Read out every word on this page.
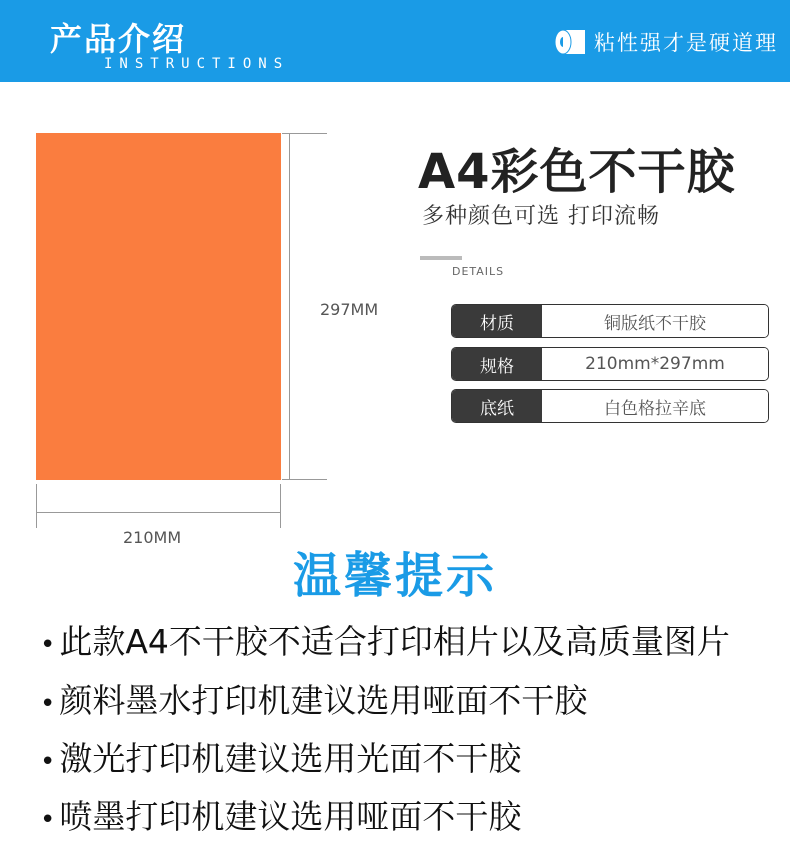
产品介绍
INSTRUCTIONS
粘性强才是硬道理
297MM
210MM
A4彩色不干胶
多种颜色可选 打印流畅
DETAILS
材质	铜版纸不干胶
规格	210mm*297mm
底纸	白色格拉辛底
温馨提示
• 此款A4不干胶不适合打印相片以及高质量图片
• 颜料墨水打印机建议选用哑面不干胶
• 激光打印机建议选用光面不干胶
• 喷墨打印机建议选用哑面不干胶
